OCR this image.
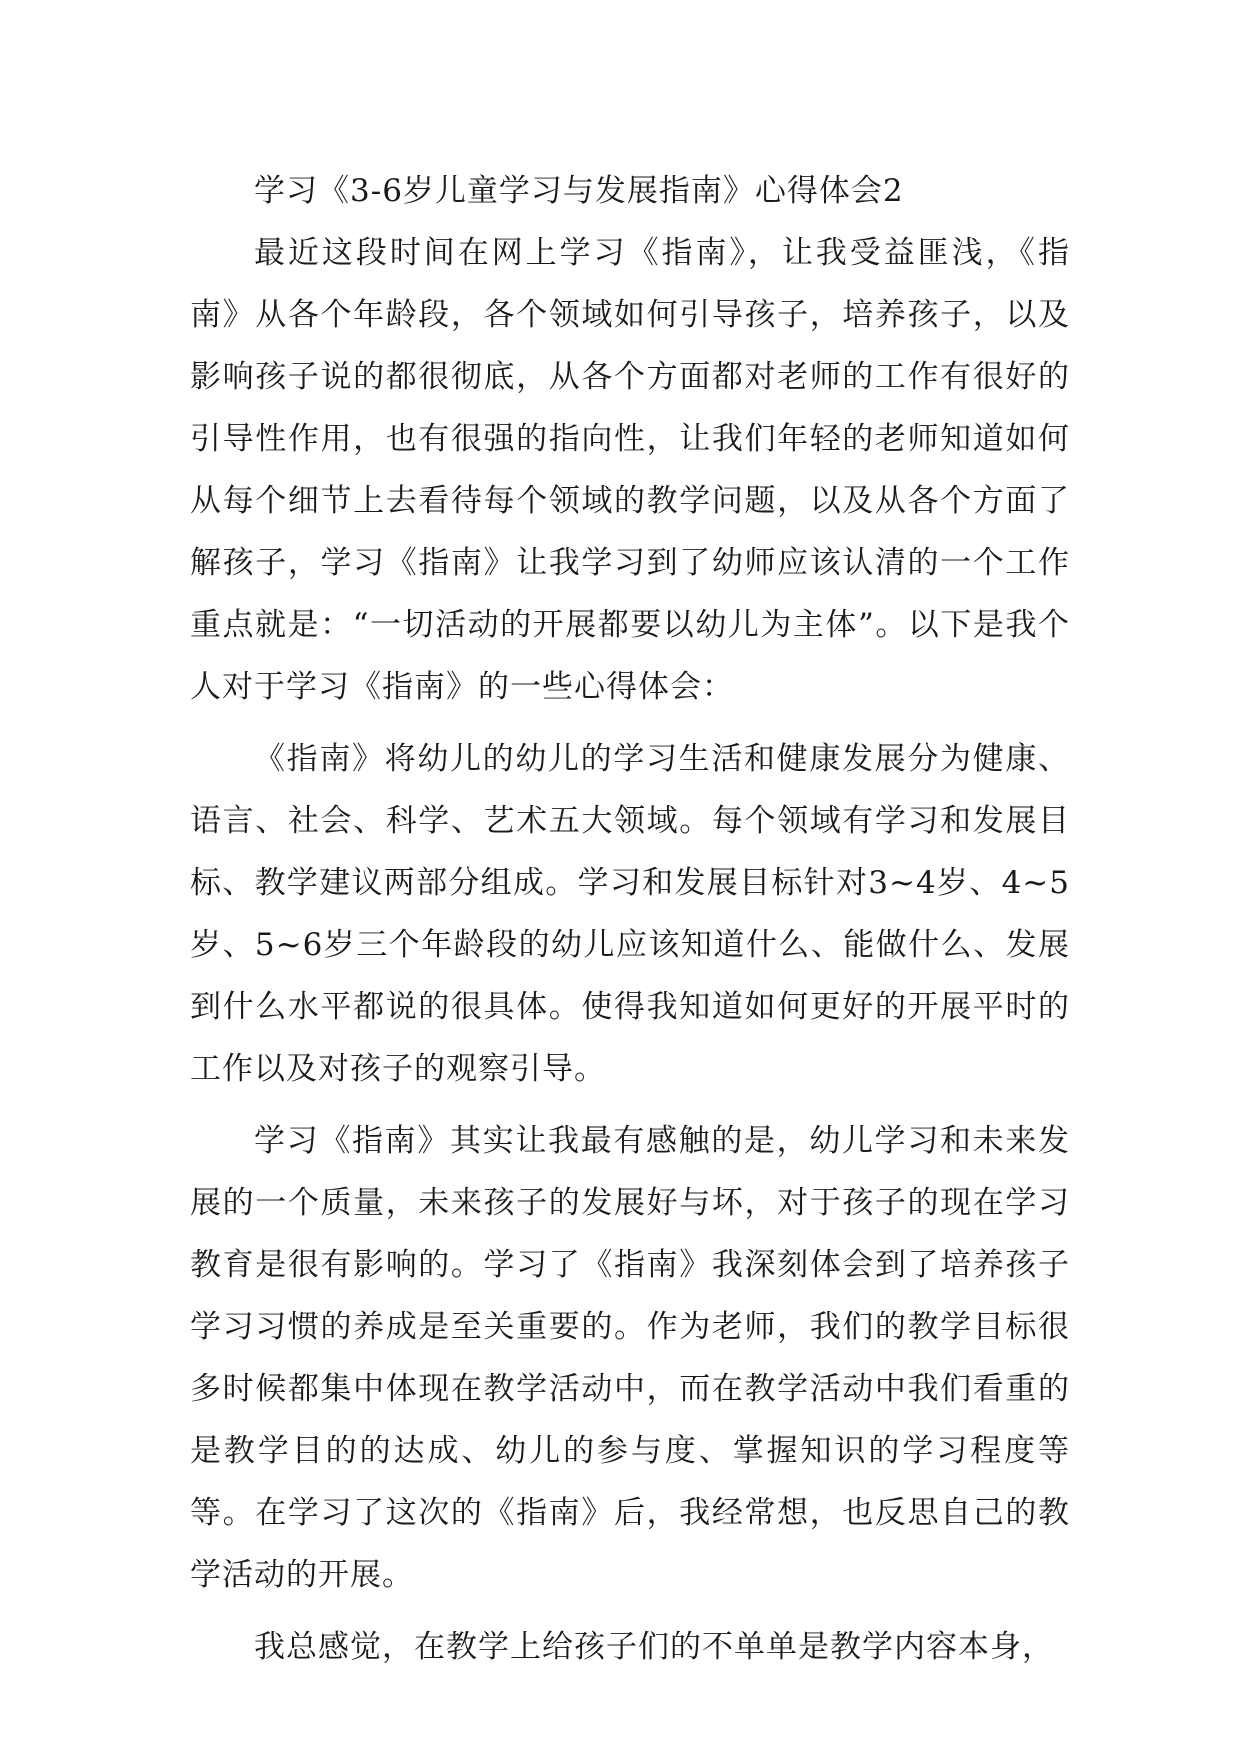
学习《3-6岁儿童学习与发展指南》心得体会2

最近这段时间在网上学习《指南》，让我受益匪浅，《指南》从各个年龄段，各个领域如何引导孩子，培养孩子，以及影响孩子说的都很彻底，从各个方面都对老师的工作有很好的引导性作用，也有很强的指向性，让我们年轻的老师知道如何从每个细节上去看待每个领域的教学问题，以及从各个方面了解孩子，学习《指南》让我学习到了幼师应该认清的一个工作重点就是：“一切活动的开展都要以幼儿为主体”。以下是我个人对于学习《指南》的一些心得体会：

《指南》将幼儿的幼儿的学习生活和健康发展分为健康、语言、社会、科学、艺术五大领域。每个领域有学习和发展目标、教学建议两部分组成。学习和发展目标针对3~4岁、4~5岁、5~6岁三个年龄段的幼儿应该知道什么、能做什么、发展到什么水平都说的很具体。使得我知道如何更好的开展平时的工作以及对孩子的观察引导。

学习《指南》其实让我最有感触的是，幼儿学习和未来发展的一个质量，未来孩子的发展好与坏，对于孩子的现在学习教育是很有影响的。学习了《指南》我深刻体会到了培养孩子学习习惯的养成是至关重要的。作为老师，我们的教学目标很多时候都集中体现在教学活动中，而在教学活动中我们看重的是教学目的的达成、幼儿的参与度、掌握知识的学习程度等等。在学习了这次的《指南》后，我经常想，也反思自己的教学活动的开展。

我总感觉，在教学上给孩子们的不单单是教学内容本身，
